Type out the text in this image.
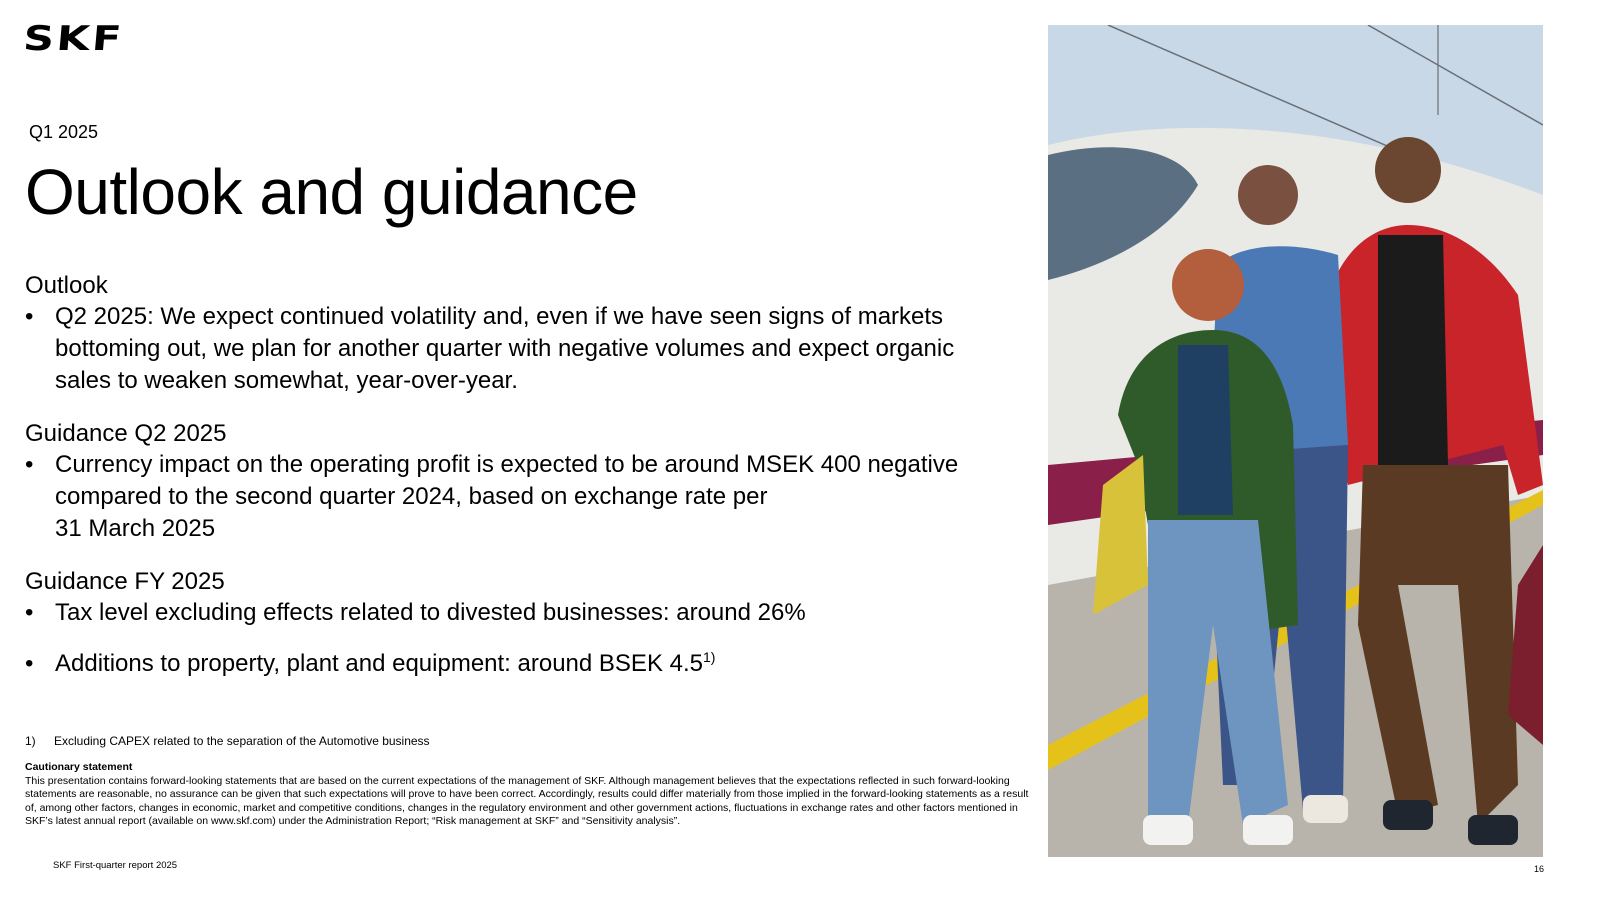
SKF
Q1 2025
Outlook and guidance
Outlook
• Q2 2025: We expect continued volatility and, even if we have seen signs of markets bottoming out, we plan for another quarter with negative volumes and expect organic sales to weaken somewhat, year-over-year.
Guidance Q2 2025
• Currency impact on the operating profit is expected to be around MSEK 400 negative compared to the second quarter 2024, based on exchange rate per
31 March 2025
Guidance FY 2025
• Tax level excluding effects related to divested businesses: around 26%
• Additions to property, plant and equipment: around BSEK 4.5$^{1)}$
1) Excluding CAPEX related to the separation of the Automotive business
Cautionary statement
This presentation contains forward-looking statements that are based on the current expectations of the management of SKF. Although management believes that the expectations reflected in such forward-looking statements are reasonable, no assurance can be given that such expectations will prove to have been correct. Accordingly, results could differ materially from those implied in the forward-looking statements as a result of, among other factors, changes in economic, market and competitive conditions, changes in the regulatory environment and other government actions, fluctuations in exchange rates and other factors mentioned in SKF’s latest annual report (available on www.skf.com) under the Administration Report; “Risk management at SKF” and “Sensitivity analysis”.
SKF First-quarter report 2025	16
